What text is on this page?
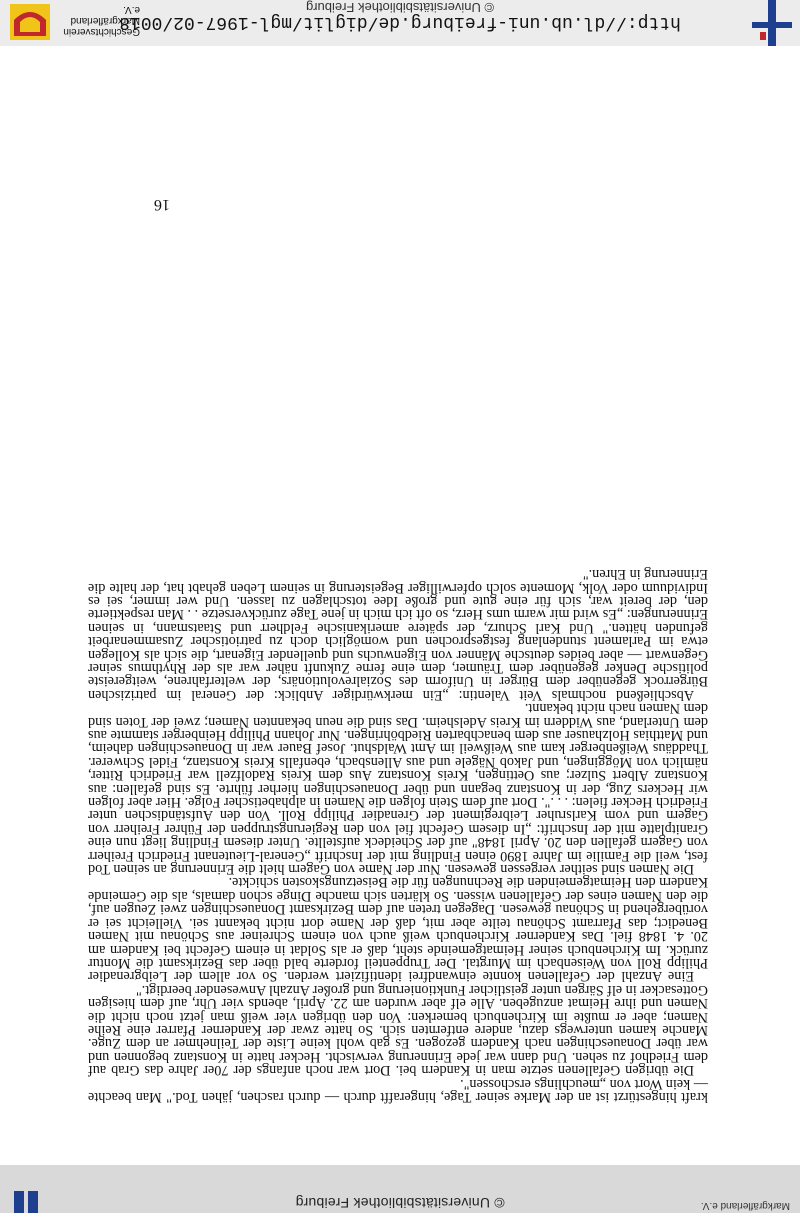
© Universitätsbibliothek Freiburg	Markgräflerland e.V.

kraft hingestürzt ist an der Marke seiner Tage, hingerafft durch — durch raschen, jähen Tod." Man beachte — kein Wort von „meuchlings erschossen".

Die übrigen Gefallenen setzte man in Kandern bei. Dort war noch anfangs der 70er Jahre das Grab auf dem Friedhof zu sehen. Und dann war jede Erinnerung verwischt. Hecker hatte in Konstanz begonnen und war über Donaueschingen nach Kandern gezogen. Es gab wohl keine Liste der Teilnehmer an dem Zuge. Manche kamen unterwegs dazu, andere entfernten sich. So hatte zwar der Kanderner Pfarrer eine Reihe Namen; aber er mußte im Kirchenbuch bemerken: Von den übrigen vier weiß man jetzt noch nicht die Namen und ihre Heimat anzugeben. Alle elf aber wurden am 22. April, abends vier Uhr, auf dem hiesigen Gottesacker in elf Särgen unter geistlicher Funktionierung und großer Anzahl Anwesender beerdigt."

Eine Anzahl der Gefallenen konnte einwandfrei identifiziert werden. So vor allem der Leibgrenadier Philipp Roll von Weisenbach im Murgtal. Der Truppenteil forderte bald über das Bezirksamt die Montur zurück. Im Kirchenbuch seiner Heimatgemeinde steht, daß er als Soldat in einem Gefecht bei Kandern am 20. 4. 1848 fiel. Das Kanderner Kirchenbuch weiß auch von einem Schreiner aus Schönau mit Namen Benedict; das Pfarramt Schönau teilte aber mit, daß der Name dort nicht bekannt sei. Vielleicht sei er vorübergehend in Schönau gewesen. Dagegen treten auf dem Bezirksamt Donaueschingen zwei Zeugen auf, die den Namen eines der Gefallenen wissen. So klärten sich manche Dinge schon damals, als die Gemeinde Kandern den Heimatgemeinden die Rechnungen für die Beisetzungskosten schickte.

Die Namen sind seither vergessen gewesen. Nur der Name von Gagern hielt die Erinnerung an seinen Tod fest, weil die Familie im Jahre 1890 einen Findling mit der Inschrift „General-Lieutenant Friedrich Freiherr von Gagern gefallen den 20. April 1848" auf der Scheideck aufstellte. Unter diesem Findling liegt nun eine Granitplatte mit der Inschrift: „In diesem Gefecht fiel von den Regierungstruppen der Führer Freiherr von Gagern und vom Karlsruher Leibregiment der Grenadier Philipp Roll. Von den Aufständischen unter Friedrich Hecker fielen: . . .". Dort auf dem Stein folgen die Namen in alphabetischer Folge. Hier aber folgen wir Heckers Zug, der in Konstanz begann und über Donaueschingen hierher führte. Es sind gefallen: aus Konstanz Albert Sulzer; aus Oettingen, Kreis Konstanz Aus dem Kreis Radolfzell war Friedrich Ritter, nämlich von Möggingen, und Jakob Nägele und aus Allensbach, ebenfalls Kreis Konstanz, Fidel Schwerer. Thaddäus Weißenberger kam aus Weißweil im Amt Waldshut. Josef Bauer war in Donaueschingen daheim, und Matthias Holzhauser aus dem benachbarten Riedböhringen. Nur Johann Philipp Heinberger stammte aus dem Unterland, aus Widdern im Kreis Adelsheim. Das sind die neun bekannten Namen; zwei der Toten sind dem Namen nach nicht bekannt.

Abschließend nochmals Veit Valentin: „Ein merkwürdiger Anblick: der General im patrizischen Bürgerrock gegenüber dem Bürger in Uniform des Sozialrevolutionärs, der welterfahrene, weitgereiste politische Denker gegenüber dem Träumer, dem eine ferne Zukunft näher war als der Rhythmus seiner Gegenwart — aber beides deutsche Männer von Eigenwuchs und quellender Eigenart, die sich als Kollegen etwa im Parlament stundenlang festgesprochen und womöglich doch zu patriotischer Zusammenarbeit gefunden hätten." Und Karl Schurz, der spätere amerikanische Feldherr und Staatsmann, in seinen Erinnerungen: „Es wird mir warm ums Herz, so oft ich mich in jene Tage zurückversetze . . Man respektierte den, der bereit war, sich für eine gute und große Idee totschlagen zu lassen. Und wer immer, sei es Individuum oder Volk, Momente solch opferwilliger Begeisterung in seinem Leben gehabt hat, der halte die Erinnerung in Ehren."

16
http://dl.ub.uni-freiburg.de/diglit/mgl-1967-02/0018
© Universitätsbibliothek Freiburg
Geschichtsverein Markgräflerland e.V.
